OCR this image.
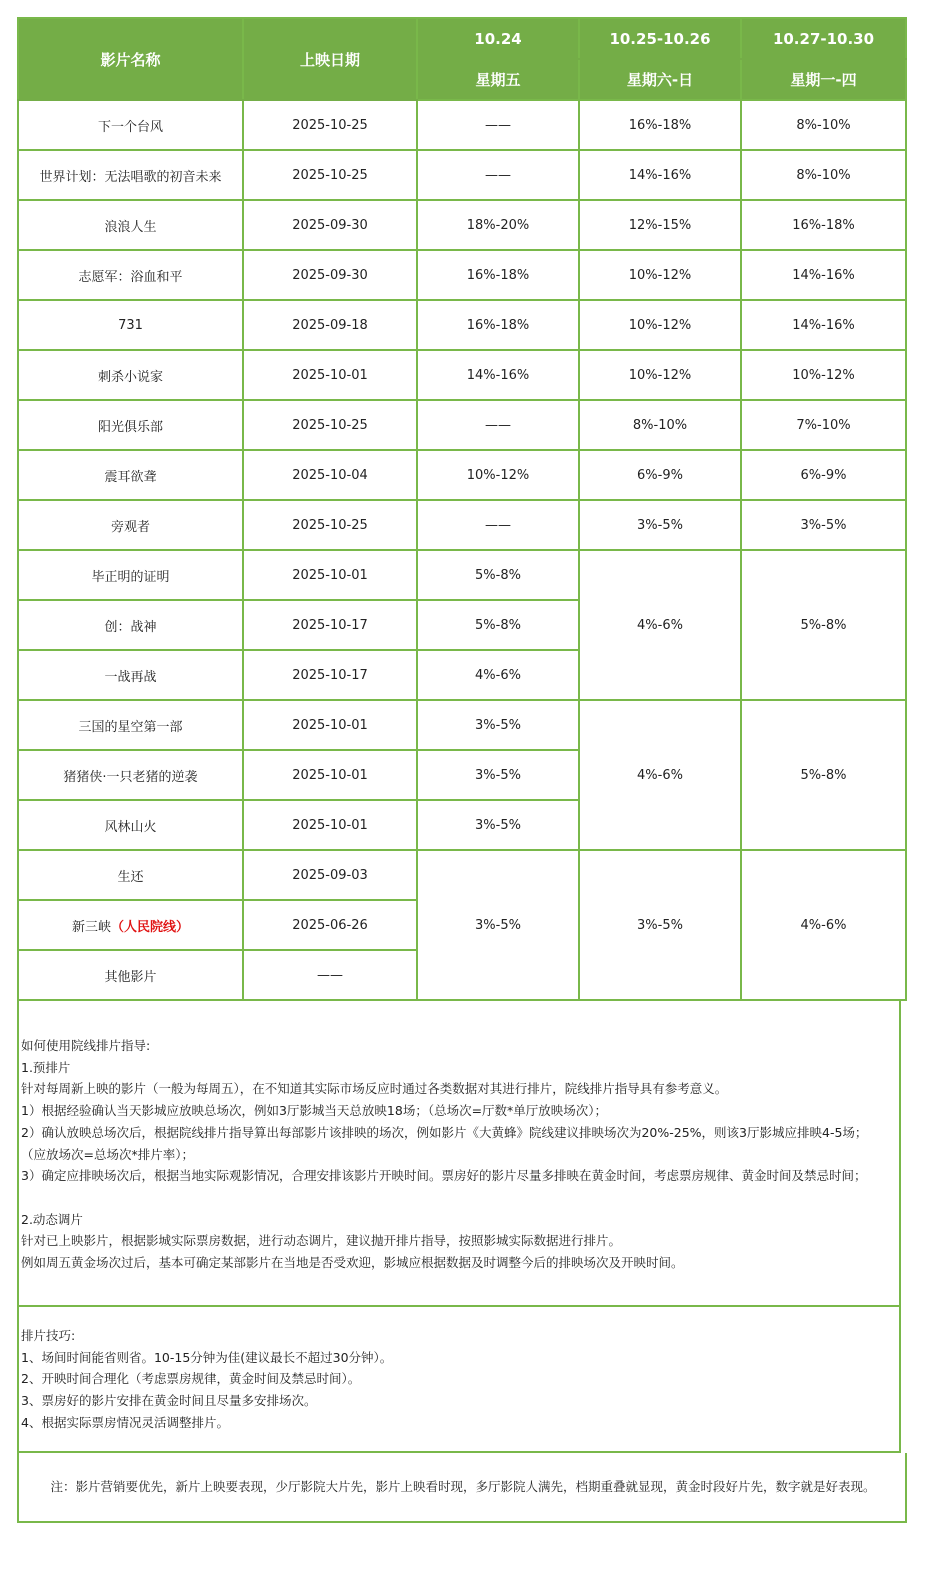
影片名称	上映日期	10.24	10.25-10.26	10.27-10.30
		星期五	星期六-日	星期一-四
下一个台风	2025-10-25	——	16%-18%	8%-10%
世界计划：无法唱歌的初音未来	2025-10-25	——	14%-16%	8%-10%
浪浪人生	2025-09-30	18%-20%	12%-15%	16%-18%
志愿军：浴血和平	2025-09-30	16%-18%	10%-12%	14%-16%
731	2025-09-18	16%-18%	10%-12%	14%-16%
刺杀小说家	2025-10-01	14%-16%	10%-12%	10%-12%
阳光俱乐部	2025-10-25	——	8%-10%	7%-10%
震耳欲聋	2025-10-04	10%-12%	6%-9%	6%-9%
旁观者	2025-10-25	——	3%-5%	3%-5%
毕正明的证明	2025-10-01	5%-8%	4%-6%	5%-8%
创：战神	2025-10-17	5%-8%		
一战再战	2025-10-17	4%-6%		
三国的星空第一部	2025-10-01	3%-5%	4%-6%	5%-8%
猪猪侠·一只老猪的逆袭	2025-10-01	3%-5%		
风林山火	2025-10-01	3%-5%		
生还	2025-09-03	3%-5%	3%-5%	4%-6%
新三峡（人民院线）	2025-06-26			
其他影片	——			
如何使用院线排片指导:
1.预排片
针对每周新上映的影片（一般为每周五），在不知道其实际市场反应时通过各类数据对其进行排片，院线排片指导具有参考意义。
1）根据经验确认当天影城应放映总场次，例如3厅影城当天总放映18场；（总场次=厅数*单厅放映场次）；
2）确认放映总场次后，根据院线排片指导算出每部影片该排映的场次，例如影片《大黄蜂》院线建议排映场次为20%-25%，则该3厅影城应排映4-5场；
（应放场次=总场次*排片率）；
3）确定应排映场次后，根据当地实际观影情况，合理安排该影片开映时间。票房好的影片尽量多排映在黄金时间，考虑票房规律、黄金时间及禁忌时间；
2.动态调片
针对已上映影片，根据影城实际票房数据，进行动态调片，建议抛开排片指导，按照影城实际数据进行排片。
例如周五黄金场次过后，基本可确定某部影片在当地是否受欢迎，影城应根据数据及时调整今后的排映场次及开映时间。
排片技巧:
1、场间时间能省则省。10-15分钟为佳(建议最长不超过30分钟）。
2、开映时间合理化（考虑票房规律，黄金时间及禁忌时间）。
3、票房好的影片安排在黄金时间且尽量多安排场次。
4、根据实际票房情况灵活调整排片。
注：影片营销要优先，新片上映要表现，少厅影院大片先，影片上映看时现，多厅影院人满先，档期重叠就显现，黄金时段好片先，数字就是好表现。
